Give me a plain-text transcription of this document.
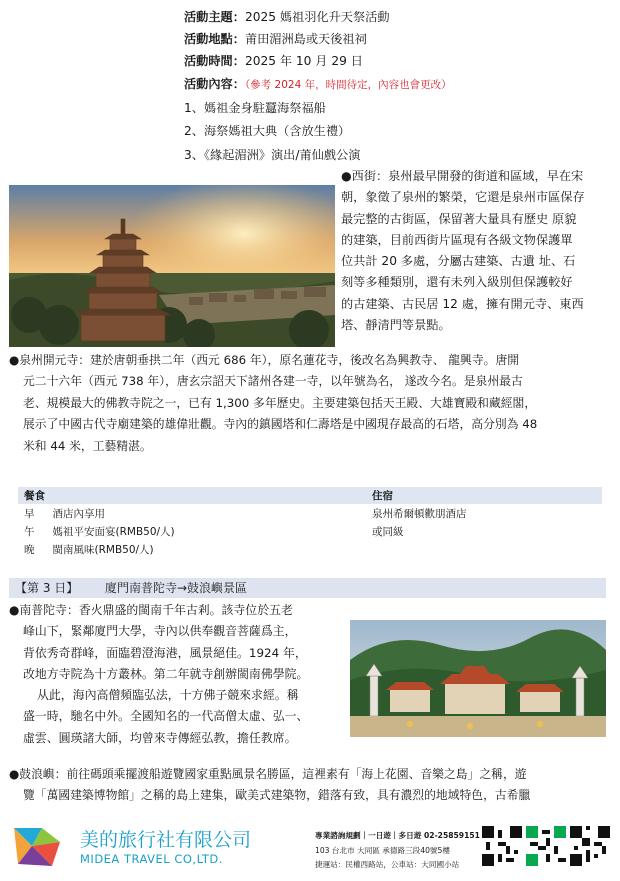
活動主題：2025 媽祖羽化升天祭活動
活動地點：莆田湄洲島或天後祖祠
活動時間：2025 年 10 月 29 日
活動內容：（參考 2024 年，時間待定，內容也會更改）
1、媽祖金身駐蠶海祭福船
2、海祭媽祖大典（含放生禮）
3、《緣起湄洲》演出/莆仙戲公演

●西街：泉州最早開發的街道和區域，早在宋

朝，象徵了泉州的繁榮，它還是泉州市區保存

最完整的古街區，保留著大量具有歷史 原貌

的建築，目前西街片區現有各級文物保護單

位共計 20 多處，分屬古建築、古遺 址、石

刻等多種類別，還有未列入級別但保護較好

的古建築、古民居 12 處，擁有開元寺、東西

塔、靜清門等景點。

●泉州開元寺：建於唐朝垂拱二年（西元 686 年），原名蓮花寺，後改名為興教寺、 龍興寺。唐開
元二十六年（西元 738 年），唐玄宗詔天下諸州各建一寺，以年號為名， 遂改今名。是泉州最古
老、規模最大的佛教寺院之一，已有 1,300 多年歷史。主要建築包括天王殿、大雄寶殿和藏經閣，
展示了中國古代寺廟建築的雄偉壯觀。寺內的鎮國塔和仁壽塔是中國現存最高的石塔，高分別為 48
米和 44 米，工藝精湛。
餐食	住宿
早 酒店內享用
午 媽祖平安面宴(RMB50/人)
晚 閩南風味(RMB50/人)
泉州希爾頓歡朋酒店
或同級
【第 3 日】 廈門南普陀寺→鼓浪嶼景區
●南普陀寺：香火鼎盛的閩南千年古剎。該寺位於五老
峰山下，緊鄰廈門大學，寺內以供奉觀音菩薩爲主，
背依秀奇群峰，面臨碧澄海港，風景絕佳。1924 年，
改地方寺院為十方叢林。第二年就寺創辦閩南佛學院。
从此，海內高僧頻臨弘法，十方佛子競來求經。稱
盛一時，馳名中外。全國知名的一代高僧太虛、弘一、
虛雲、圓瑛諸大師，均曾來寺傳經弘教，擔任教席。
●鼓浪嶼：前往碼頭乘擺渡船遊覽國家重點風景名勝區，這裡素有「海上花園、音樂之島」之稱，遊
覽「萬國建築博物館」之稱的島上建集，歐美式建築物，錯落有致，具有濃烈的地域特色，古希臘
美的旅行社有限公司
MIDEA TRAVEL CO,LTD.
專業諮詢規劃｜一日遊｜多日遊 02-25859151
103 台北市 大同區 承德路三段40號5樓
捷運站：民權西路站，公車站：大同國小站
